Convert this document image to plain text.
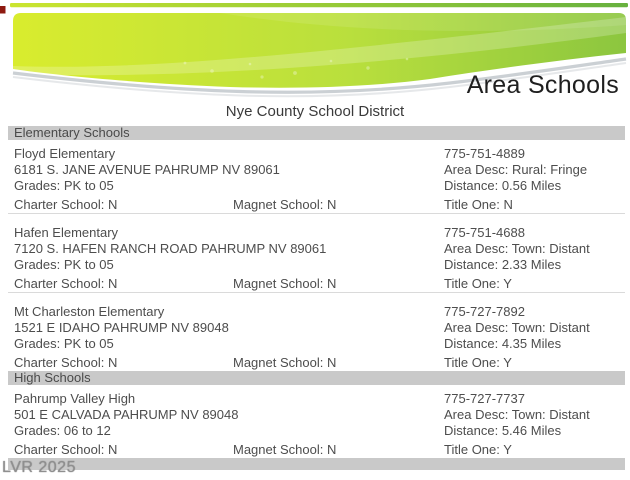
Area Schools
Nye County School District
Elementary Schools
Floyd Elementary
6181 S. JANE AVENUE PAHRUMP NV 89061
Grades: PK to 05
775-751-4889
Area Desc: Rural: Fringe
Distance: 0.56 Miles
Charter School: N	Magnet School: N	Title One: N
Hafen Elementary
7120 S. HAFEN RANCH ROAD PAHRUMP NV 89061
Grades: PK to 05
775-751-4688
Area Desc: Town: Distant
Distance: 2.33 Miles
Charter School: N	Magnet School: N	Title One: Y
Mt Charleston Elementary
1521 E IDAHO PAHRUMP NV 89048
Grades: PK to 05
775-727-7892
Area Desc: Town: Distant
Distance: 4.35 Miles
Charter School: N	Magnet School: N	Title One: Y
High Schools
Pahrump Valley High
501 E CALVADA PAHRUMP NV 89048
Grades: 06 to 12
775-727-7737
Area Desc: Town: Distant
Distance: 5.46 Miles
Charter School: N	Magnet School: N	Title One: Y
LVR 2025
